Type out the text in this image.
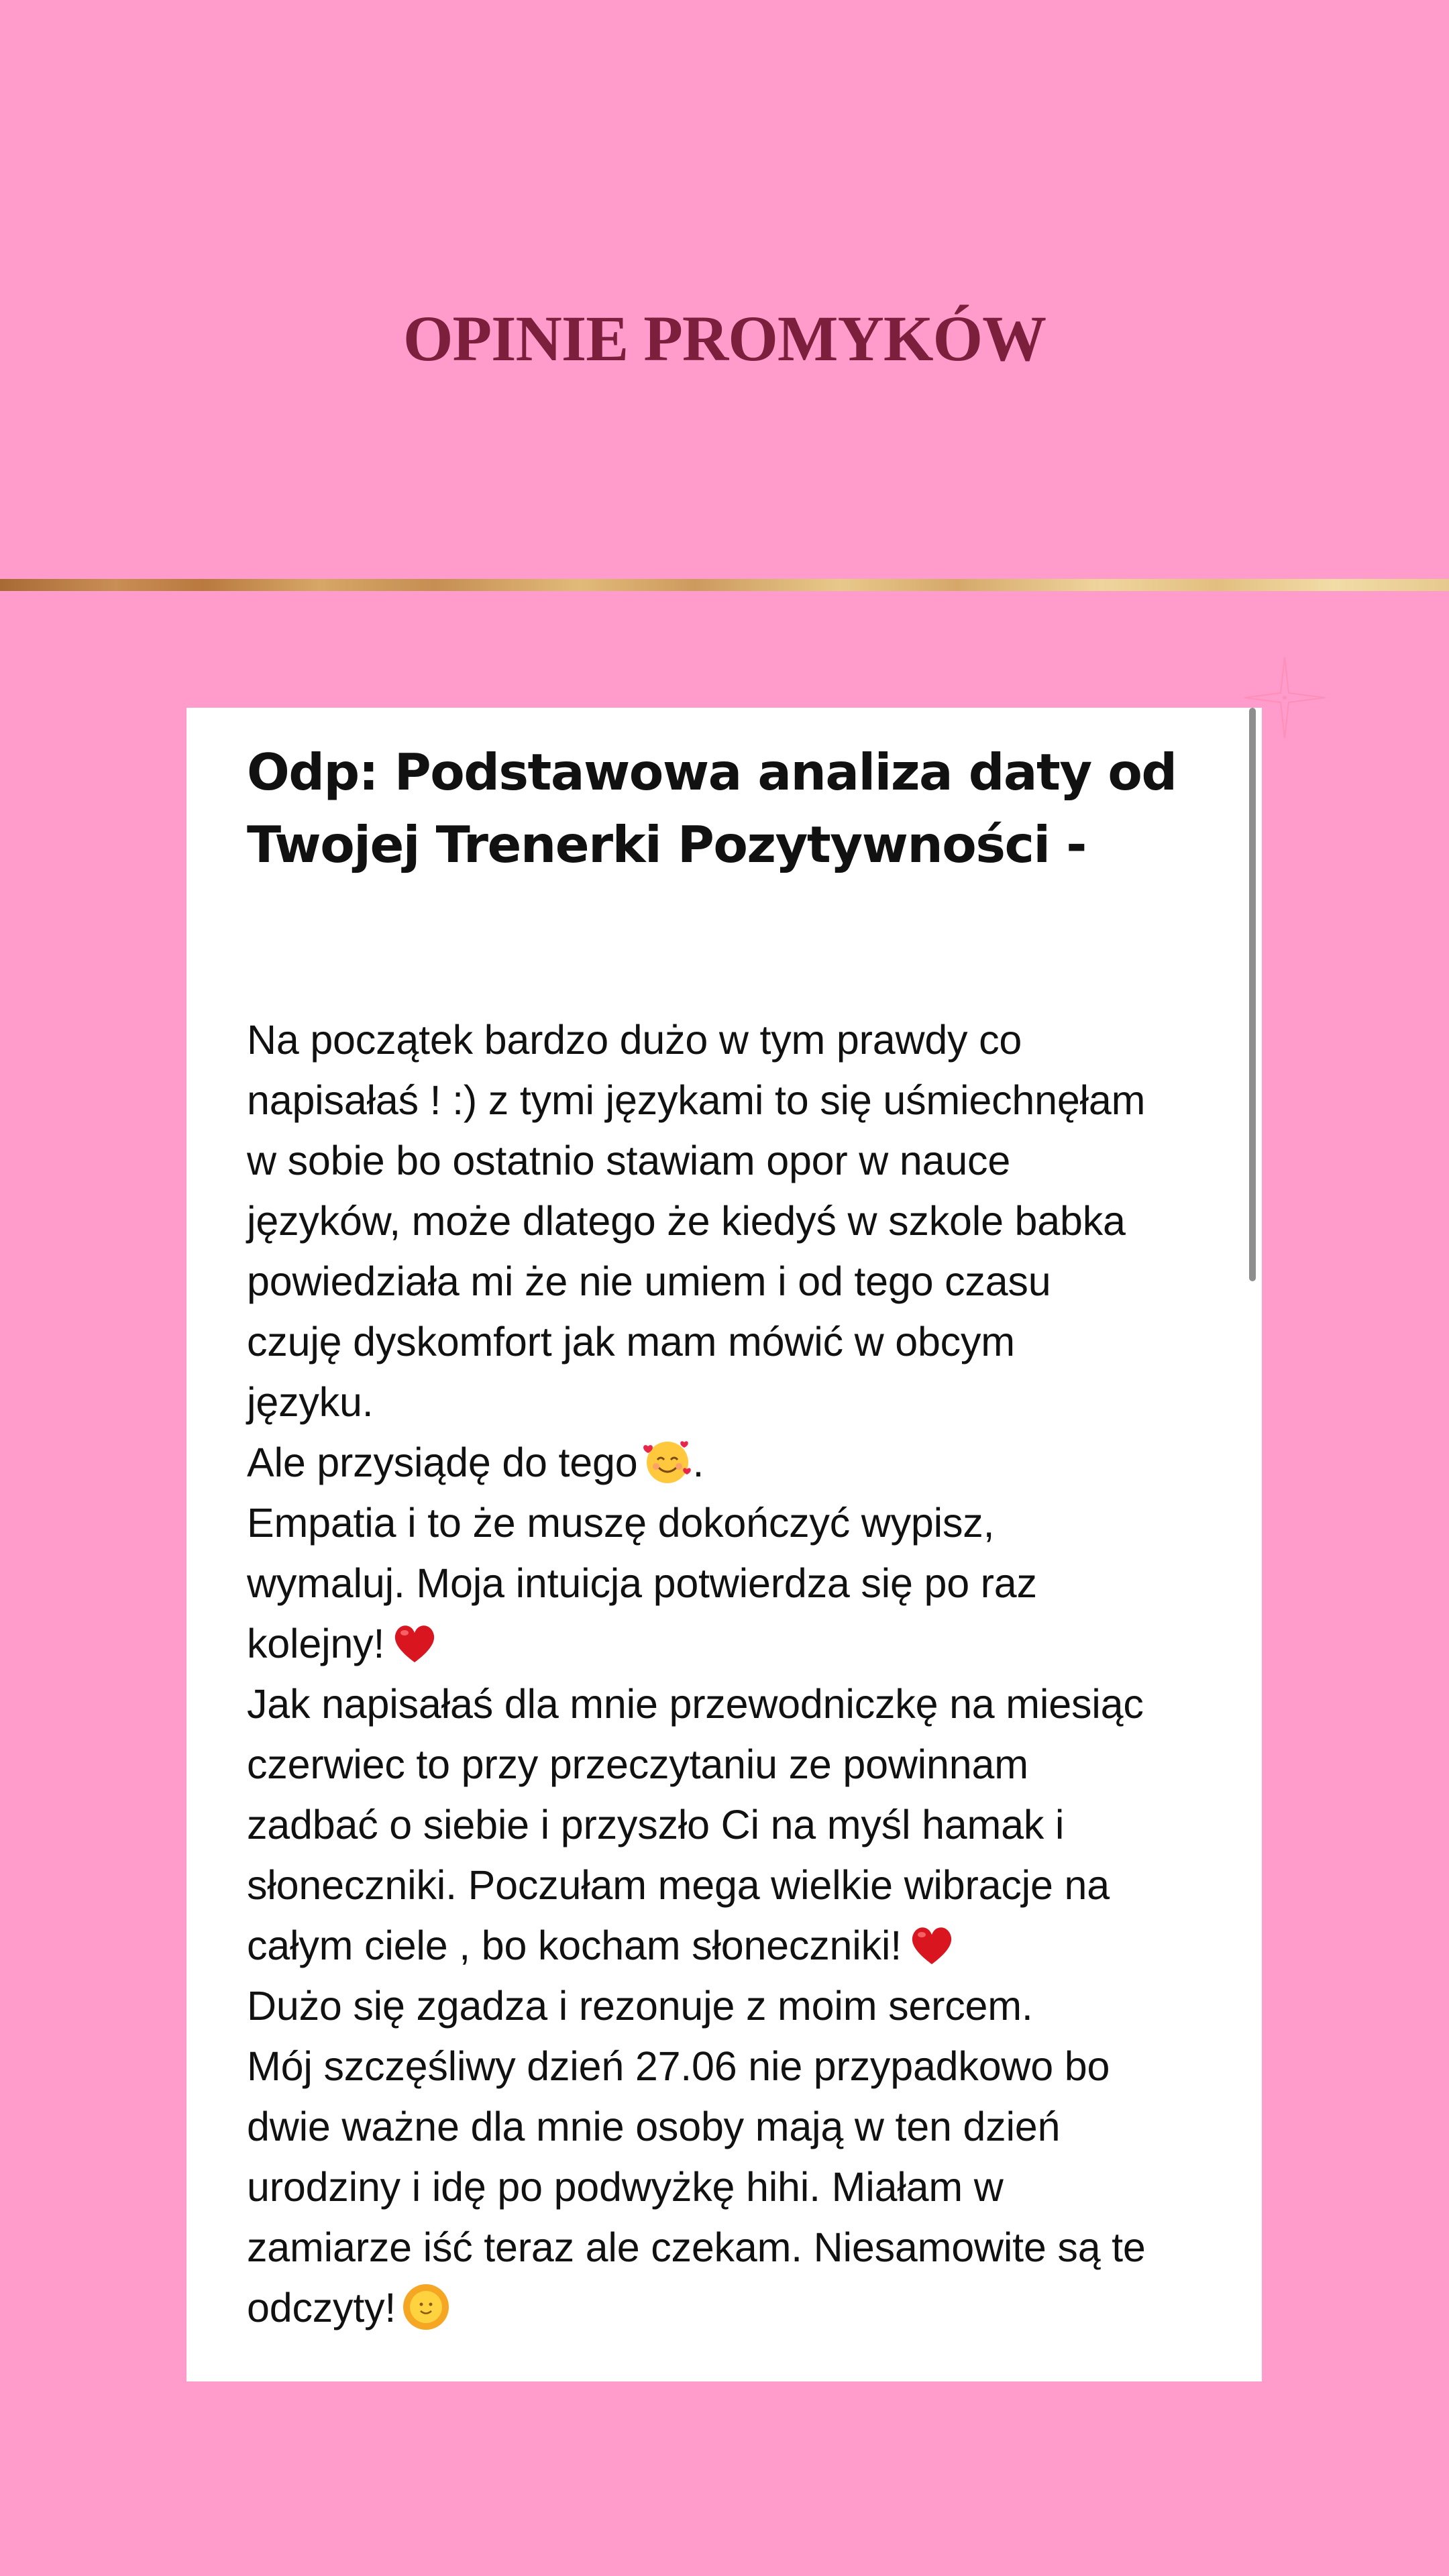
OPINIE PROMYKÓW
Odp: Podstawowa analiza daty od
Twojej Trenerki Pozytywności -
Na początek bardzo dużo w tym prawdy co
napisałaś ! :) z tymi językami to się uśmiechnęłam
w sobie bo ostatnio stawiam opor w nauce
języków, może dlatego że kiedyś w szkole babka
powiedziała mi że nie umiem i od tego czasu
czuję dyskomfort jak mam mówić w obcym
języku.
Ale przysiądę do tego .
Empatia i to że muszę dokończyć wypisz,
wymaluj. Moja intuicja potwierdza się po raz
kolejny!
Jak napisałaś dla mnie przewodniczkę na miesiąc
czerwiec to przy przeczytaniu ze powinnam
zadbać o siebie i przyszło Ci na myśl hamak i
słoneczniki. Poczułam mega wielkie wibracje na
całym ciele , bo kocham słoneczniki!
Dużo się zgadza i rezonuje z moim sercem.
Mój szczęśliwy dzień 27.06 nie przypadkowo bo
dwie ważne dla mnie osoby mają w ten dzień
urodziny i idę po podwyżkę hihi. Miałam w
zamiarze iść teraz ale czekam. Niesamowite są te
odczyty!
